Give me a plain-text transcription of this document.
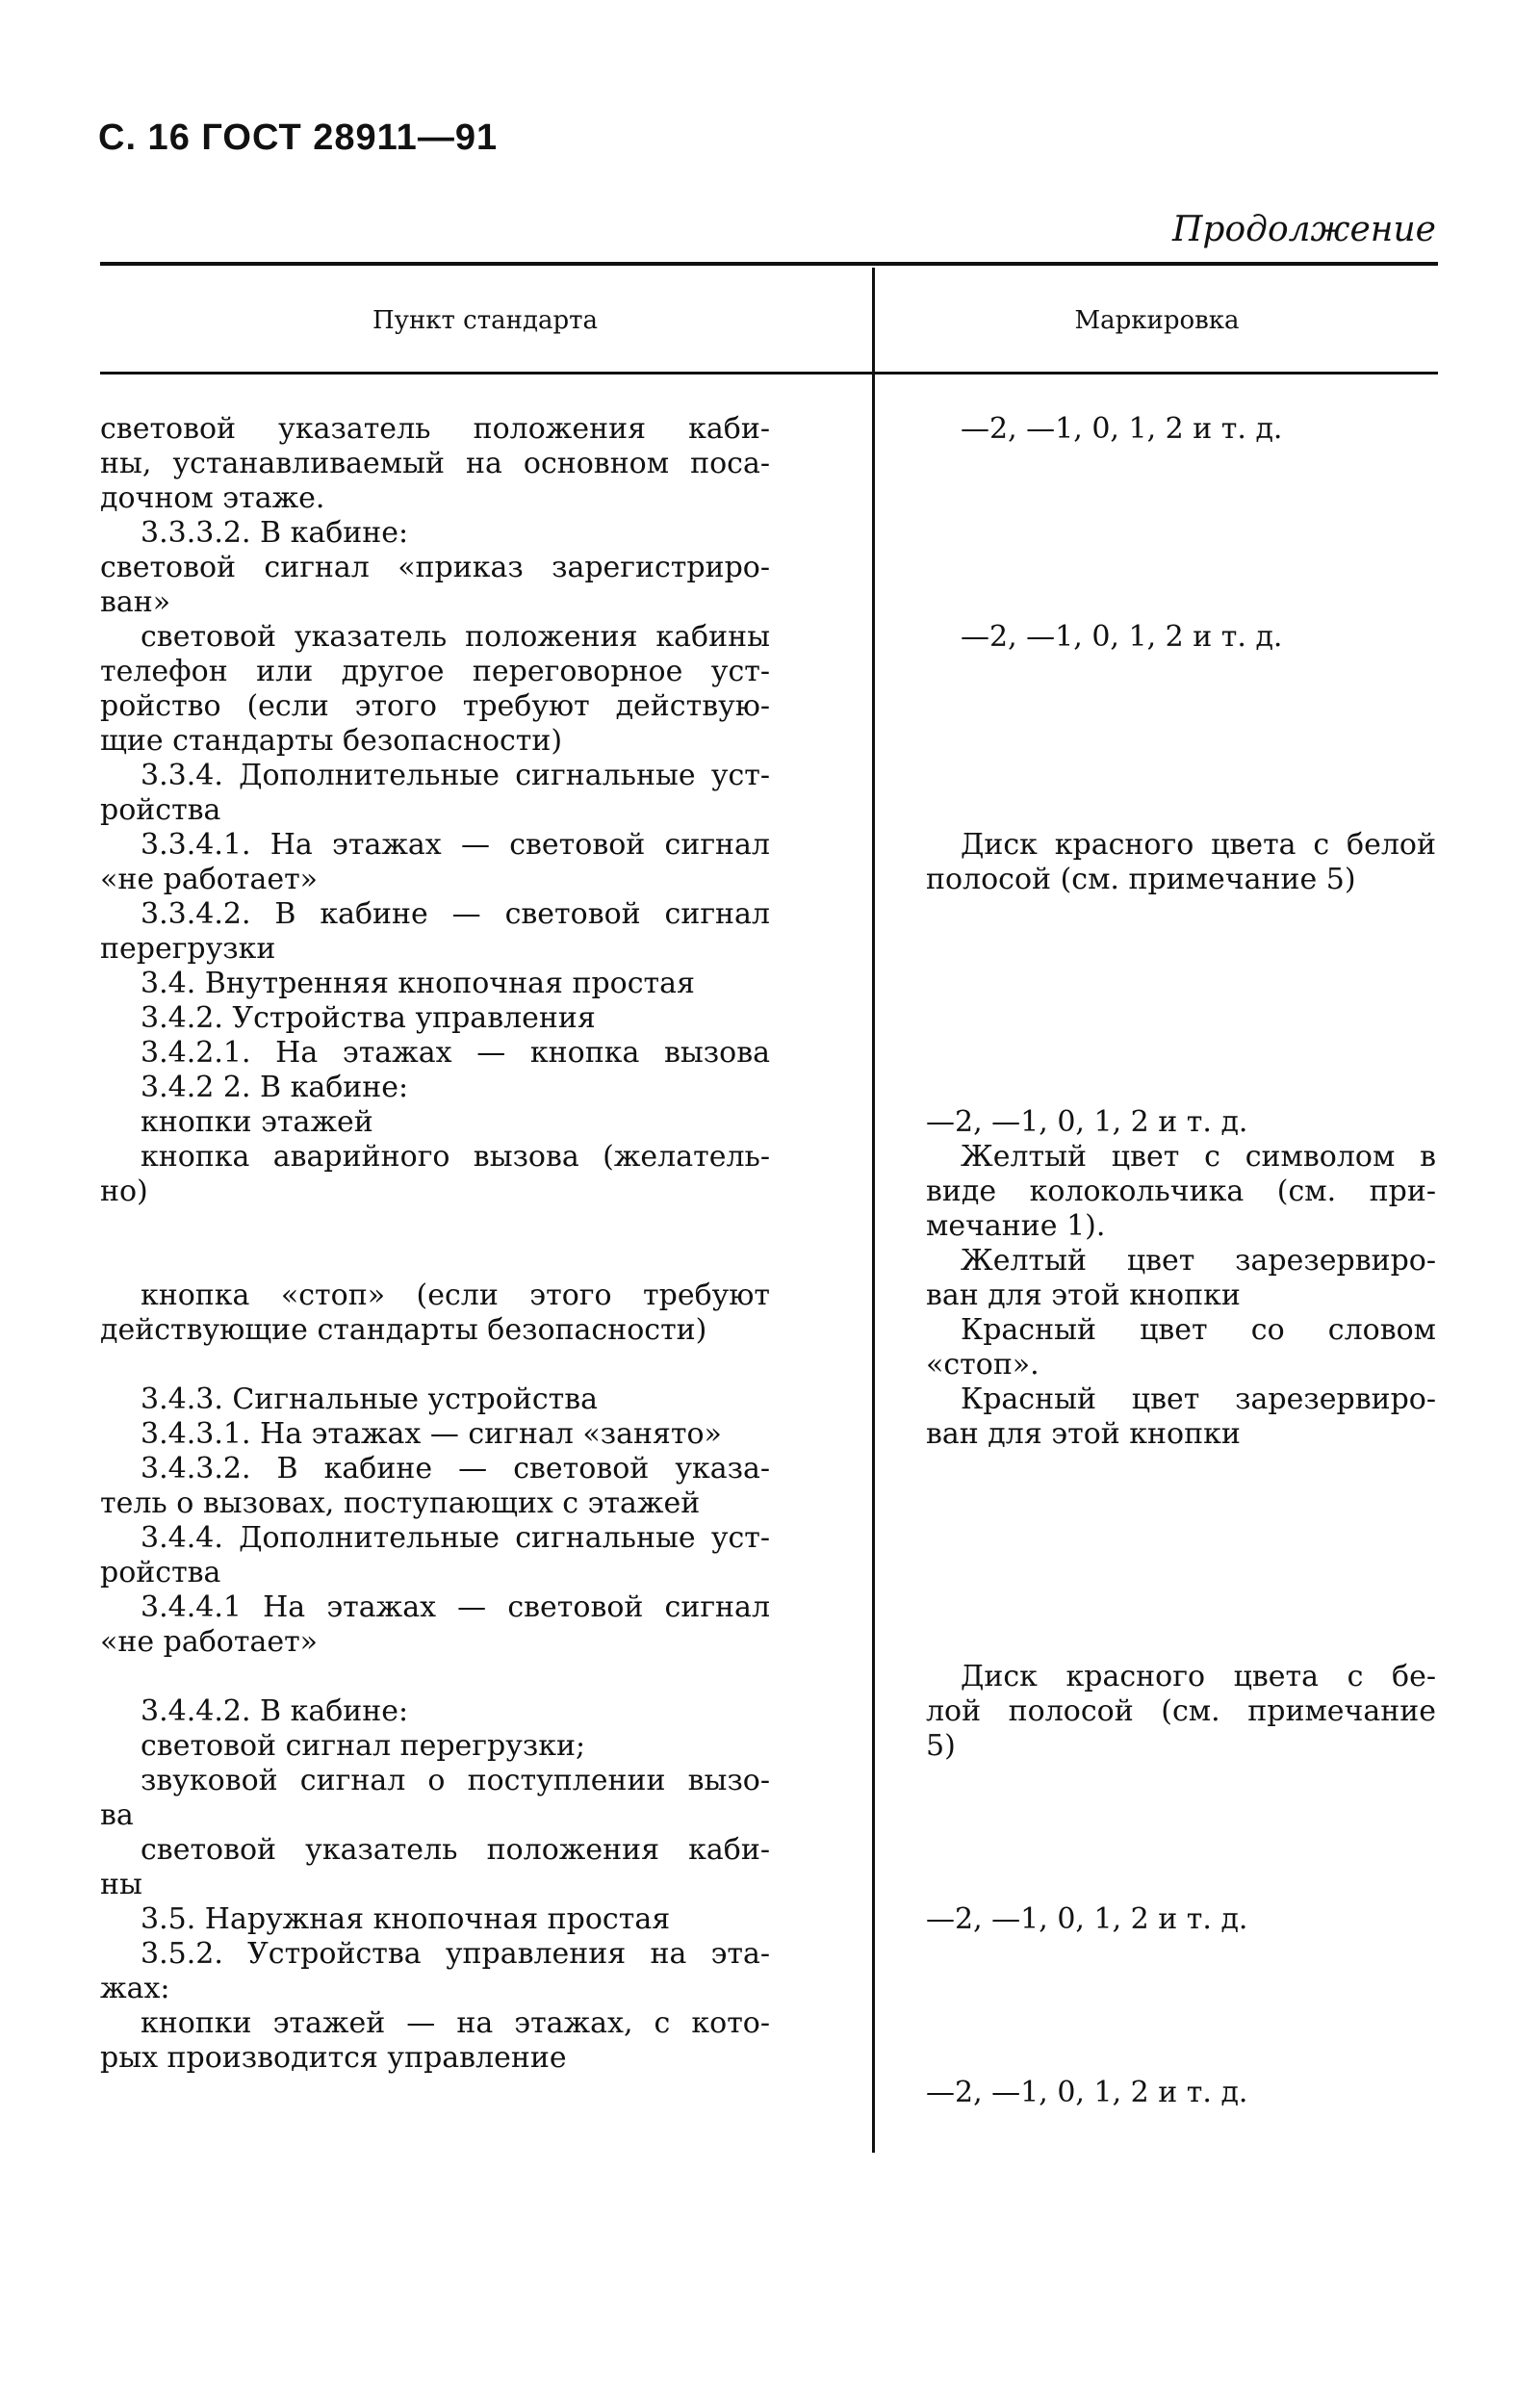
С. 16 ГОСТ 28911—91
Продолжение
Пункт стандарта	Маркировка
световой указатель положения каби-
ны, устанавливаемый на основном поса-
дочном этаже.
3.3.3.2. В кабине:
световой сигнал «приказ зарегистриро-
ван»
световой указатель положения кабины
телефон или другое переговорное уст-
ройство (если этого требуют действую-
щие стандарты безопасности)
3.3.4. Дополнительные сигнальные уст-
ройства
3.3.4.1. На этажах — световой сигнал
«не работает»
3.3.4.2. В кабине — световой сигнал
перегрузки
3.4. Внутренняя кнопочная простая
3.4.2. Устройства управления
3.4.2.1. На этажах — кнопка вызова
3.4.2 2. В кабине:
кнопки этажей
кнопка аварийного вызова (желатель-
но)
кнопка «стоп» (если этого требуют
действующие стандарты безопасности)
3.4.3. Сигнальные устройства
3.4.3.1. На этажах — сигнал «занято»
3.4.3.2. В кабине — световой указа-
тель о вызовах, поступающих с этажей
3.4.4. Дополнительные сигнальные уст-
ройства
3.4.4.1 На этажах — световой сигнал
«не работает»
3.4.4.2. В кабине:
световой сигнал перегрузки;
звуковой сигнал о поступлении вызо-
ва
световой указатель положения каби-
ны
3.5. Наружная кнопочная простая
3.5.2. Устройства управления на эта-
жах:
кнопки этажей — на этажах, с кото-
рых производится управление
—2, —1, 0, 1, 2 и т. д.
—2, —1, 0, 1, 2 и т. д.
Диск красного цвета с белой
полосой (см. примечание 5)
—2, —1, 0, 1, 2 и т. д.
Желтый цвет с символом в
виде колокольчика (см. при-
мечание 1).
Желтый цвет зарезервиро-
ван для этой кнопки
Красный цвет со словом
«стоп».
Красный цвет зарезервиро-
ван для этой кнопки
Диск красного цвета с бе-
лой полосой (см. примечание
5)
—2, —1, 0, 1, 2 и т. д.
—2, —1, 0, 1, 2 и т. д.
